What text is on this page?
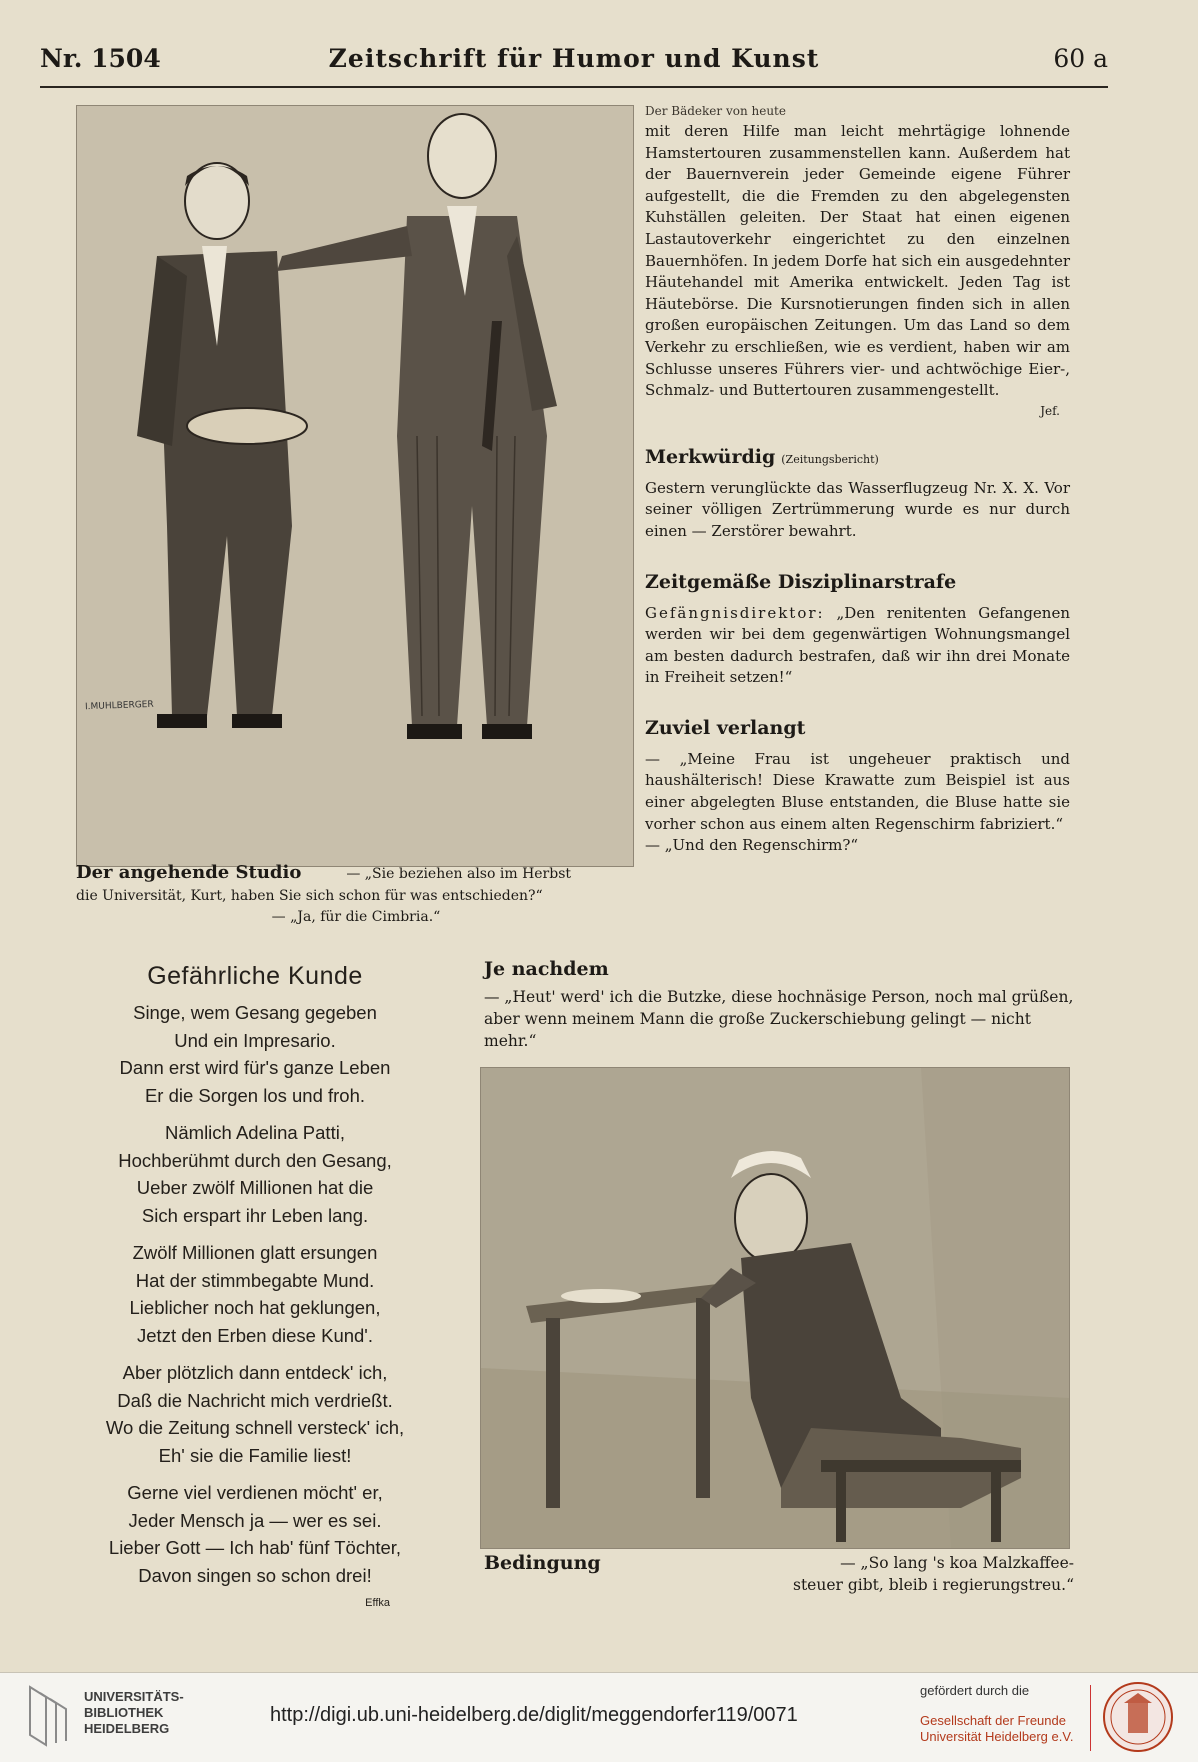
Nr. 1504	Zeitschrift für Humor und Kunst	60 a
I.MUHLBERGER
Der angehende Studio	— „Sie beziehen also im Herbst
die Universität, Kurt, haben Sie sich schon für was entschieden?“
— „Ja, für die Cimbria.“
Der Bädeker von heute

mit deren Hilfe man leicht mehrtägige lohnende Hamstertouren zusammenstellen kann. Außerdem hat der Bauernverein jeder Gemeinde eigene Führer aufgestellt, die die Fremden zu den abgelegensten Kuhställen geleiten. Der Staat hat einen eigenen Lastautoverkehr eingerichtet zu den einzelnen Bauernhöfen. In jedem Dorfe hat sich ein ausgedehnter Häutehandel mit Amerika entwickelt. Jeden Tag ist Häutebörse. Die Kursnotierungen finden sich in allen großen europäischen Zeitungen. Um das Land so dem Verkehr zu erschließen, wie es verdient, haben wir am Schlusse unseres Führers vier- und achtwöchige Eier-, Schmalz- und Buttertouren zusammengestellt.

Jef.
Merkwürdig (Zeitungsbericht)

Gestern verunglückte das Wasserflugzeug Nr. X. X. Vor seiner völligen Zertrümmerung wurde es nur durch einen — Zerstörer bewahrt.

Zeitgemäße Disziplinarstrafe

Gefängnisdirektor: „Den renitenten Gefangenen werden wir bei dem gegenwärtigen Wohnungsmangel am besten dadurch bestrafen, daß wir ihn drei Monate in Freiheit setzen!“

Zuviel verlangt

— „Meine Frau ist ungeheuer praktisch und haushälterisch! Diese Krawatte zum Beispiel ist aus einer abgelegten Bluse entstanden, die Bluse hatte sie vorher schon aus einem alten Regenschirm fabriziert.“

— „Und den Regenschirm?“

Gefährliche Kunde
Singe, wem Gesang gegeben
Und ein Impresario.
Dann erst wird für's ganze Leben
Er die Sorgen los und froh.
Nämlich Adelina Patti,
Hochberühmt durch den Gesang,
Ueber zwölf Millionen hat die
Sich erspart ihr Leben lang.
Zwölf Millionen glatt ersungen
Hat der stimmbegabte Mund.
Lieblicher noch hat geklungen,
Jetzt den Erben diese Kund'.
Aber plötzlich dann entdeck' ich,
Daß die Nachricht mich verdrießt.
Wo die Zeitung schnell versteck' ich,
Eh' sie die Familie liest!
Gerne viel verdienen möcht' er,
Jeder Mensch ja — wer es sei.
Lieber Gott — Ich hab' fünf Töchter,
Davon singen so schon drei!
Effka
Je nachdem

— „Heut' werd' ich die Butzke, diese hochnäsige Person, noch mal grüßen, aber wenn meinem Mann die große Zuckerschiebung gelingt — nicht mehr.“

Bedingung	— „So lang 's koa Malzkaffee-
steuer gibt, bleib i regierungstreu.“
UNIVERSITÄTS-
BIBLIOTHEK
HEIDELBERG
http://digi.ub.uni-heidelberg.de/diglit/meggendorfer119/0071
gefördert durch die
Gesellschaft der Freunde
Universität Heidelberg e.V.
